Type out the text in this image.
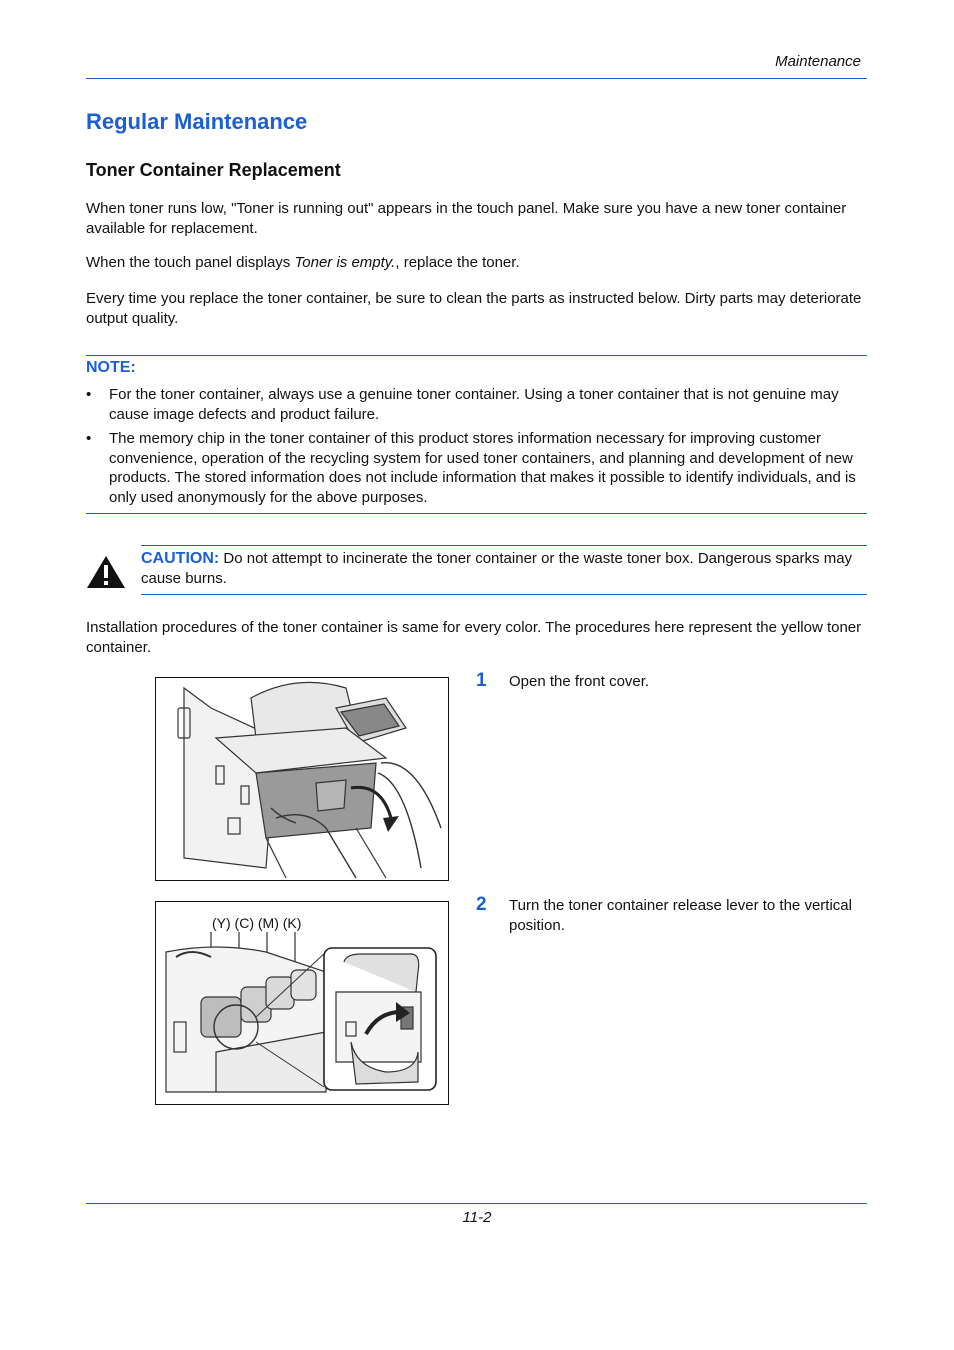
Maintenance
Regular Maintenance
Toner Container Replacement
When toner runs low, "Toner is running out" appears in the touch panel. Make sure you have a new toner container available for replacement.
When the touch panel displays Toner is empty., replace the toner.
Every time you replace the toner container, be sure to clean the parts as instructed below. Dirty parts may deteriorate output quality.
NOTE:
• For the toner container, always use a genuine toner container. Using a toner container that is not genuine may cause image defects and product failure.
• The memory chip in the toner container of this product stores information necessary for improving customer convenience, operation of the recycling system for used toner containers, and planning and development of new products. The stored information does not include information that makes it possible to identify individuals, and is only used anonymously for the above purposes.
CAUTION: Do not attempt to incinerate the toner container or the waste toner box. Dangerous sparks may cause burns.
Installation procedures of the toner container is same for every color. The procedures here represent the yellow toner container.
1 Open the front cover.
(Y) (C) (M) (K)
2 Turn the toner container release lever to the vertical position.
11-2
